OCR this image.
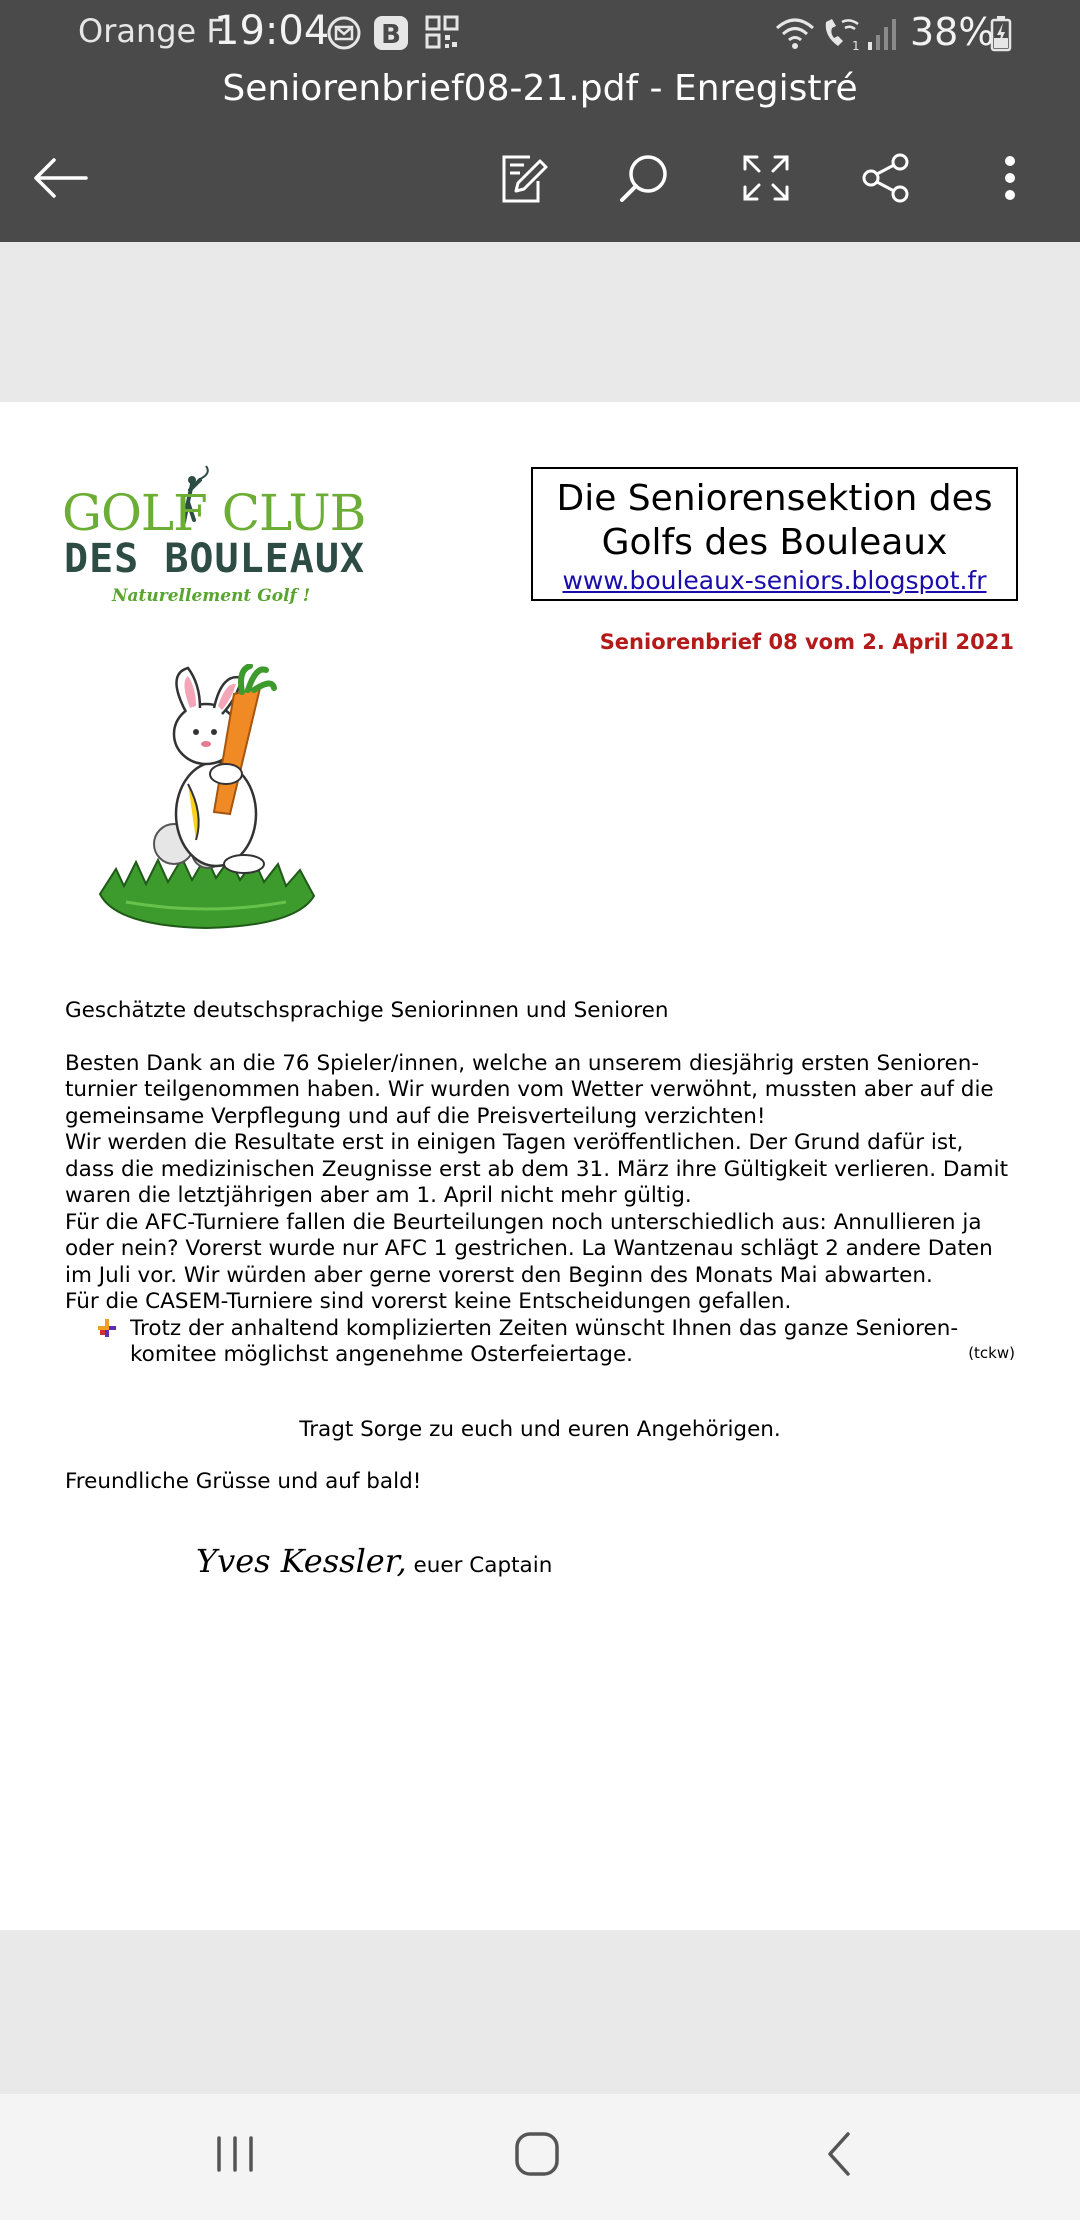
Orange F
19:04 B	1 38%
Seniorenbrief08-21.pdf - Enregistré
GOLF CLUB
DES BOULEAUX
Naturellement Golf !
Die Seniorensektion des
Golfs des Bouleaux
www.bouleaux-seniors.blogspot.fr
Seniorenbrief 08 vom 2. April 2021

Geschätzte deutschsprachige Seniorinnen und Senioren

Besten Dank an die 76 Spieler/innen, welche an unserem diesjährig ersten Seniorenturnier teilgenommen haben. Wir wurden vom Wetter verwöhnt, mussten aber auf die gemeinsame Verpflegung und auf die Preisverteilung verzichten!

Wir werden die Resultate erst in einigen Tagen veröffentlichen. Der Grund dafür ist, dass die medizinischen Zeugnisse erst ab dem 31. März ihre Gültigkeit verlieren. Damit waren die letztjährigen aber am 1. April nicht mehr gültig.

Für die AFC-Turniere fallen die Beurteilungen noch unterschiedlich aus: Annullieren ja oder nein? Vorerst wurde nur AFC 1 gestrichen. La Wantzenau schlägt 2 andere Daten im Juli vor. Wir würden aber gerne vorerst den Beginn des Monats Mai abwarten.

Für die CASEM-Turniere sind vorerst keine Entscheidungen gefallen.

Trotz der anhaltend komplizierten Zeiten wünscht Ihnen das ganze Seniorenkomitee möglichst angenehme Osterfeiertage.	(tckw)

Tragt Sorge zu euch und euren Angehörigen.

Freundliche Grüsse und auf bald!

Yves Kessler, euer Captain
